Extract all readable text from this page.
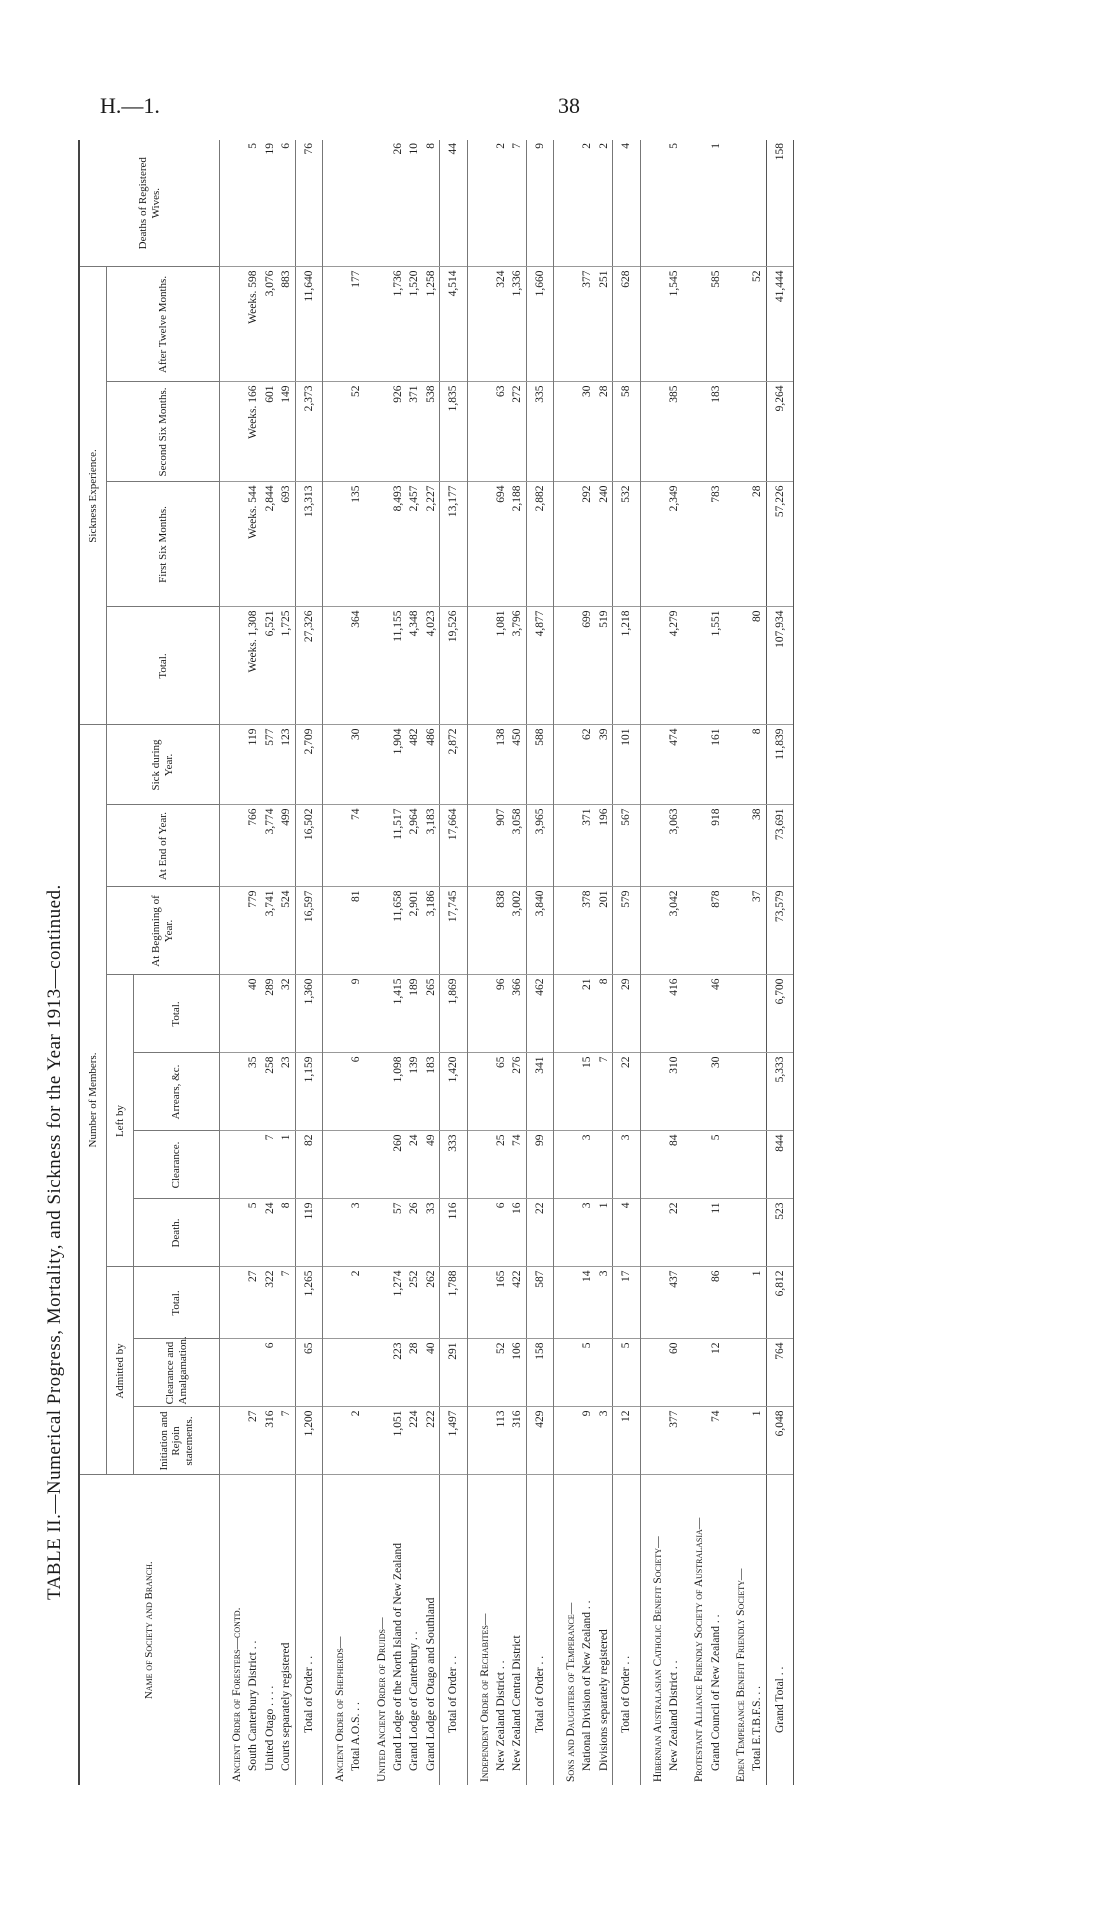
H.—1.	38
TABLE II.—Numerical Progress, Mortality, and Sickness for the Year 1913—continued.
Name of Society and Branch.	Number of Members.										Sickness Experience.				Deaths of Registered Wives.
	Admitted by			Left by				At Beginning of Year.	At End of Year.	Sick during Year.	Total.	First Six Months.	Second Six Months.	After Twelve Months.	
	Initiation and Rejoin statements.	Clearance and Amalgamation.	Total.	Death.	Clearance.	Arrears, &c.	Total.								
Ancient Order of Foresters—contd.															
South Canterbury District . .	27		27	5		35	40	779	766	119	Weeks. 1,308	Weeks. 544	Weeks. 166	Weeks. 598	5
United Otago . . . .	316	6	322	24	7	258	289	3,741	3,774	577	6,521	2,844	601	3,076	19
Courts separately registered	7		7	8	1	23	32	524	499	123	1,725	693	149	883	6
Total of Order . .	1,200	65	1,265	119	82	1,159	1,360	16,597	16,502	2,709	27,326	13,313	2,373	11,640	76
Ancient Order of Shepherds—															
Total A.O.S. . .	2		2	3		6	9	81	74	30	364	135	52	177	
United Ancient Order of Druids—															
Grand Lodge of the North Island of New Zealand	1,051	223	1,274	57	260	1,098	1,415	11,658	11,517	1,904	11,155	8,493	926	1,736	26
Grand Lodge of Canterbury . .	224	28	252	26	24	139	189	2,901	2,964	482	4,348	2,457	371	1,520	10
Grand Lodge of Otago and Southland	222	40	262	33	49	183	265	3,186	3,183	486	4,023	2,227	538	1,258	8
Total of Order . .	1,497	291	1,788	116	333	1,420	1,869	17,745	17,664	2,872	19,526	13,177	1,835	4,514	44
Independent Order of Rechabites—															
New Zealand District . .	113	52	165	6	25	65	96	838	907	138	1,081	694	63	324	2
New Zealand Central District	316	106	422	16	74	276	366	3,002	3,058	450	3,796	2,188	272	1,336	7
Total of Order . .	429	158	587	22	99	341	462	3,840	3,965	588	4,877	2,882	335	1,660	9
Sons and Daughters of Temperance—															
National Division of New Zealand . .	9	5	14	3	3	15	21	378	371	62	699	292	30	377	2
Divisions separately registered	3		3	1		7	8	201	196	39	519	240	28	251	2
Total of Order . .	12	5	17	4	3	22	29	579	567	101	1,218	532	58	628	4
Hibernian Australasian Catholic Benefit Society—															
New Zealand District . .	377	60	437	22	84	310	416	3,042	3,063	474	4,279	2,349	385	1,545	5
Protestant Alliance Friendly Society of Australasia—															
Grand Council of New Zealand . .	74	12	86	11	5	30	46	878	918	161	1,551	783	183	585	1
Eden Temperance Benefit Friendly Society—															
Total E.T.B.F.S. . .	1		1					37	38	8	80	28		52	
Grand Total . .	6,048	764	6,812	523	844	5,333	6,700	73,579	73,691	11,839	107,934	57,226	9,264	41,444	158
